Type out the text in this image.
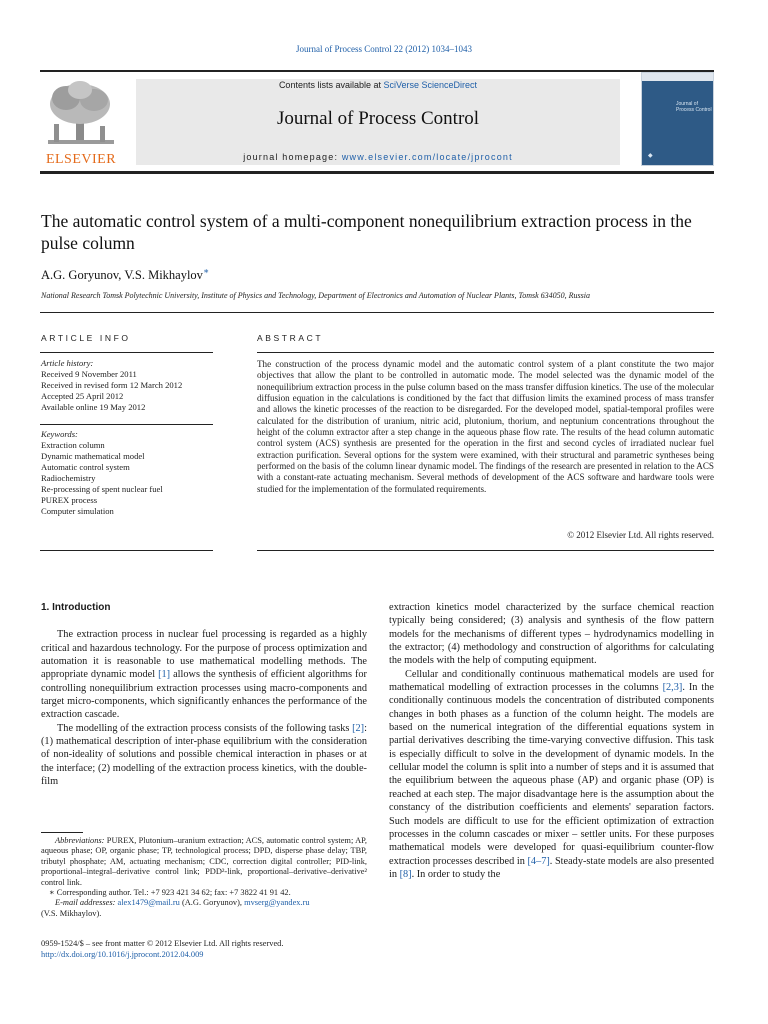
Journal of Process Control 22 (2012) 1034–1043
ELSEVIER
Contents lists available at SciVerse ScienceDirect
Journal of Process Control
journal homepage: www.elsevier.com/locate/jprocont
Journal of Process Control
◆
The automatic control system of a multi-component nonequilibrium extraction process in the pulse column
A.G. Goryunov, V.S. Mikhaylov∗
National Research Tomsk Polytechnic University, Institute of Physics and Technology, Department of Electronics and Automation of Nuclear Plants, Tomsk 634050, Russia
ARTICLE INFO
Article history:
Received 9 November 2011
Received in revised form 12 March 2012
Accepted 25 April 2012
Available online 19 May 2012
Keywords:
Extraction column
Dynamic mathematical model
Automatic control system
Radiochemistry
Re-processing of spent nuclear fuel
PUREX process
Computer simulation
ABSTRACT
The construction of the process dynamic model and the automatic control system of a plant constitute the two major objectives that allow the plant to be controlled in automatic mode. The model selected was the dynamic model of the nonequilibrium extraction process in the pulse column based on the mass transfer diffusion kinetics. The use of the molecular diffusion equation in the calculations is conditioned by the fact that diffusion limits the examined process of mass transfer and allows the kinetic processes of the reaction to be disregarded. For the developed model, spatial-temporal profiles were calculated for the distribution of uranium, nitric acid, plutonium, thorium, and neptunium concentrations throughout the height of the column extractor after a step change in the aqueous phase flow rate. The results of the head column automatic control system (ACS) synthesis are presented for the operation in the first and second cycles of irradiated nuclear fuel extraction purification. Several options for the system were examined, with their structural and parametric syntheses being performed on the basis of the column linear dynamic model. The findings of the research are presented in relation to the ACS with a constant-rate actuating mechanism. Several methods of development of the ACS software and hardware tools were studied for the implementation of the formulated requirements.
© 2012 Elsevier Ltd. All rights reserved.

1. Introduction

The extraction process in nuclear fuel processing is regarded as a highly critical and hazardous technology. For the purpose of process optimization and automation it is reasonable to use mathematical modelling methods. The appropriate dynamic model [1] allows the synthesis of efficient algorithms for controlling nonequilibrium extraction processes using macro-components and target micro-components, which significantly enhances the performance of the extraction cascade.

The modelling of the extraction process consists of the following tasks [2]: (1) mathematical description of inter-phase equilibrium with the consideration of non-ideality of solutions and possible chemical interaction in phases or at the interface; (2) modelling of the extraction process kinetics, with the double-film

Abbreviations: PUREX, Plutonium–uranium extraction; ACS, automatic control system; AP, aqueous phase; OP, organic phase; TP, technological process; DPD, disperse phase delay; TBP, tributyl phosphate; AM, actuating mechanism; CDC, correction digital controller; PID-link, proportional–integral–derivative control link; PDD²-link, proportional–derivative–derivative² control link.
∗ Corresponding author. Tel.: +7 923 421 34 62; fax: +7 3822 41 91 42.
E-mail addresses: alex1479@mail.ru (A.G. Goryunov), mvserg@yandex.ru
(V.S. Mikhaylov).
0959-1524/$ – see front matter © 2012 Elsevier Ltd. All rights reserved.
http://dx.doi.org/10.1016/j.jprocont.2012.04.009

extraction kinetics model characterized by the surface chemical reaction typically being considered; (3) analysis and synthesis of the flow pattern models for the mechanisms of different types – hydrodynamics modelling in the extractor; (4) methodology and construction of algorithms for calculating the models with the help of computing equipment.

Cellular and conditionally continuous mathematical models are used for mathematical modelling of extraction processes in the columns [2,3]. In the conditionally continuous models the concentration of distributed components changes in both phases as a function of the column height. The models are based on the numerical integration of the differential equations system in partial derivatives describing the time-varying convective diffusion. This task is especially difficult to solve in the development of dynamic models. In the cellular model the column is split into a number of steps and it is assumed that the equilibrium between the aqueous phase (AP) and organic phase (OP) is reached at each step. The major disadvantage here is the assumption about the constancy of the distribution coefficients and elements' separation factors. Such models are difficult to use for the efficient optimization of extraction processes in the column cascades or mixer – settler units. For these purposes mathematical models were developed for quasi-equilibrium counter-flow extraction processes described in [4–7]. Steady-state models are also presented in [8]. In order to study the
